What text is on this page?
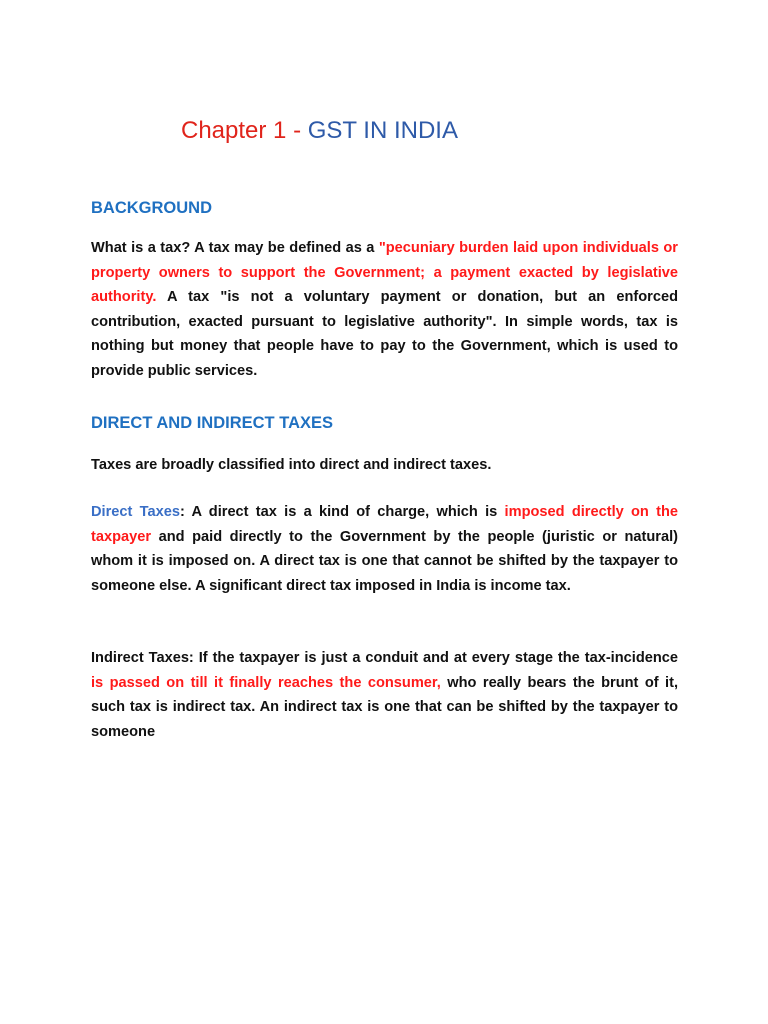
Chapter 1 - GST IN INDIA
BACKGROUND

What is a tax? A tax may be defined as a "pecuniary burden laid upon individuals or property owners to support the Government; a payment exacted by legislative authority. A tax "is not a voluntary payment or donation, but an enforced contribution, exacted pursuant to legislative authority". In simple words, tax is nothing but money that people have to pay to the Government, which is used to provide public services.

DIRECT AND INDIRECT TAXES

Taxes are broadly classified into direct and indirect taxes.

Direct Taxes: A direct tax is a kind of charge, which is imposed directly on the taxpayer and paid directly to the Government by the people (juristic or natural) whom it is imposed on. A direct tax is one that cannot be shifted by the taxpayer to someone else. A significant direct tax imposed in India is income tax.

Indirect Taxes: If the taxpayer is just a conduit and at every stage the tax-incidence is passed on till it finally reaches the consumer, who really bears the brunt of it, such tax is indirect tax. An indirect tax is one that can be shifted by the taxpayer to someone
